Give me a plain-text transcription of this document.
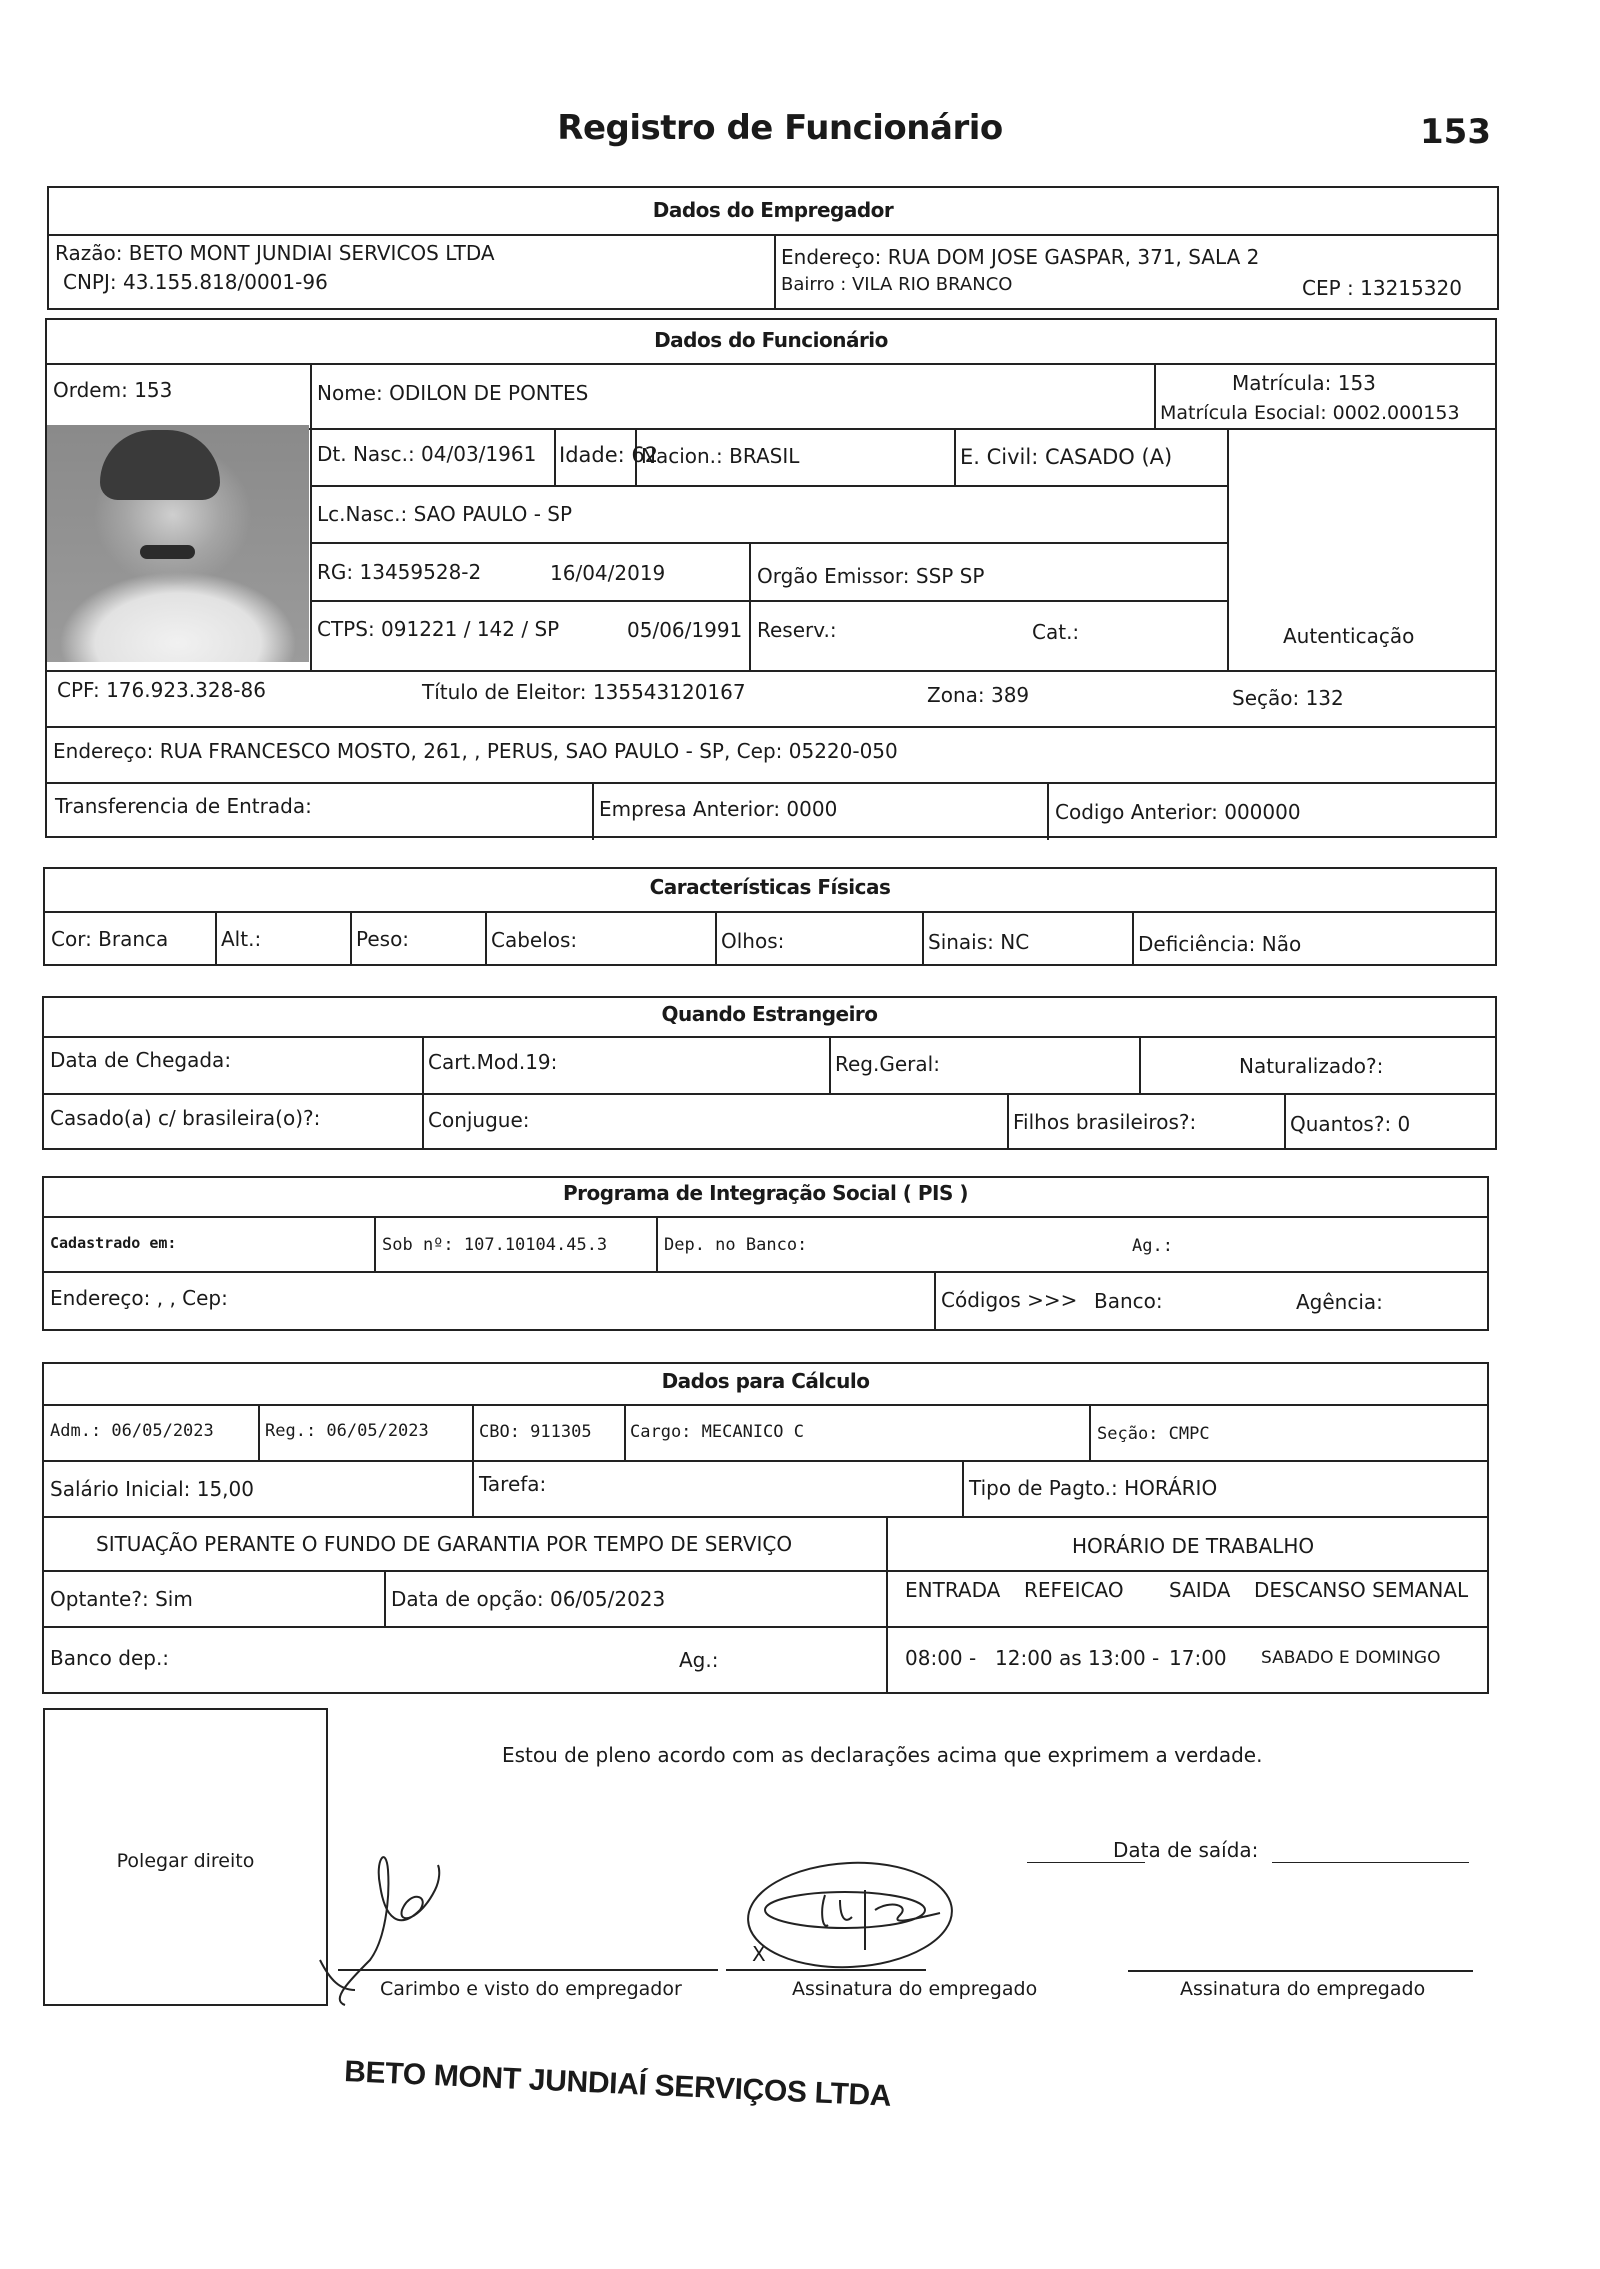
Registro de Funcionário	153
Dados do Empregador
Razão: BETO MONT JUNDIAI SERVICOS LTDA
CNPJ: 43.155.818/0001-96
Endereço: RUA DOM JOSE GASPAR, 371, SALA 2
Bairro : VILA RIO BRANCO	CEP : 13215320
Dados do Funcionário
Ordem: 153	Nome: ODILON DE PONTES	Matrícula: 153
Matrícula Esocial: 0002.000153
Dt. Nasc.: 04/03/1961 Idade: 62
Nacion.: BRASIL	E. Civil: CASADO (A)
Lc.Nasc.: SAO PAULO - SP
RG: 13459528-2	16/04/2019	Orgão Emissor: SSP SP
CTPS: 091221 / 142 / SP	05/06/1991 Reserv.:	Cat.:	Autenticação
CPF: 176.923.328-86	Título de Eleitor: 135543120167	Zona: 389	Seção: 132
Endereço: RUA FRANCESCO MOSTO, 261, , PERUS, SAO PAULO - SP, Cep: 05220-050
Transferencia de Entrada:	Empresa Anterior: 0000	Codigo Anterior: 000000
Características Físicas
Cor: Branca	Alt.:	Peso:	Cabelos:	Olhos:	Sinais: NC	Deficiência: Não
Quando Estrangeiro
Data de Chegada:	Cart.Mod.19:	Reg.Geral:	Naturalizado?:
Casado(a) c/ brasileira(o)?:	Conjugue:	Filhos brasileiros?:	Quantos?: 0
Programa de Integração Social ( PIS )
Cadastrado em:	Sob nº: 107.10104.45.3	Dep. no Banco:	Ag.:
Endereço: , , Cep:	Códigos >>> Banco:	Agência:
Dados para Cálculo
Adm.: 06/05/2023	Reg.: 06/05/2023	CBO: 911305 Cargo: MECANICO C	Seção: CMPC
Salário Inicial: 15,00	Tarefa:	Tipo de Pagto.: HORÁRIO
SITUAÇÃO PERANTE O FUNDO DE GARANTIA POR TEMPO DE SERVIÇO	HORÁRIO DE TRABALHO
Optante?: Sim	Data de opção: 06/05/2023	ENTRADA REFEICAO SAIDA DESCANSO SEMANAL
Banco dep.:	Ag.:	08:00 - 12:00 as 13:00 - 17:00 SABADO E DOMINGO
Polegar direito
Estou de pleno acordo com as declarações acima que exprimem a verdade.
Data de saída:
Carimbo e visto do empregador
X
Assinatura do empregado	Assinatura do empregado
BETO MONT JUNDIAÍ SERVIÇOS LTDA
